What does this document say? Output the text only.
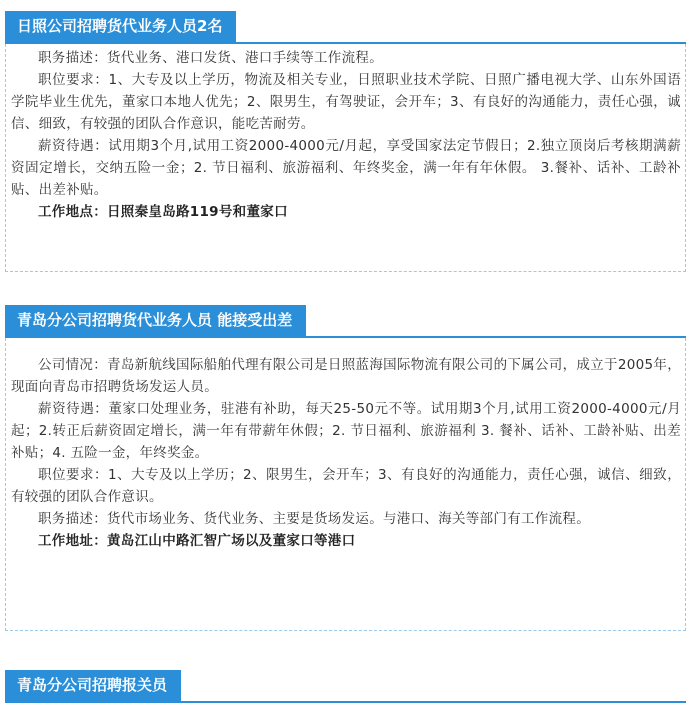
日照公司招聘货代业务人员2名

职务描述：货代业务、港口发货、港口手续等工作流程。

职位要求：1、大专及以上学历，物流及相关专业，日照职业技术学院、日照广播电视大学、山东外国语学院毕业生优先，董家口本地人优先；2、限男生，有驾驶证，会开车；3、有良好的沟通能力，责任心强，诚信、细致，有较强的团队合作意识，能吃苦耐劳。

薪资待遇：试用期3个月,试用工资2000-4000元/月起，享受国家法定节假日；2.独立顶岗后考核期满薪资固定增长，交纳五险一金；2. 节日福利、旅游福利、年终奖金，满一年有年休假。 3.餐补、话补、工龄补贴、出差补贴。

工作地点：日照秦皇岛路119号和董家口

青岛分公司招聘货代业务人员 能接受出差

公司情况：青岛新航线国际船舶代理有限公司是日照蓝海国际物流有限公司的下属公司，成立于2005年，现面向青岛市招聘货场发运人员。

薪资待遇：董家口处理业务，驻港有补助，每天25-50元不等。试用期3个月,试用工资2000-4000元/月起；2.转正后薪资固定增长，满一年有带薪年休假；2. 节日福利、旅游福利 3. 餐补、话补、工龄补贴、出差补贴；4. 五险一金，年终奖金。

职位要求：1、大专及以上学历；2、限男生，会开车；3、有良好的沟通能力，责任心强，诚信、细致，有较强的团队合作意识。

职务描述：货代市场业务、货代业务、主要是货场发运。与港口、海关等部门有工作流程。

工作地址：黄岛江山中路汇智广场以及董家口等港口

青岛分公司招聘报关员
